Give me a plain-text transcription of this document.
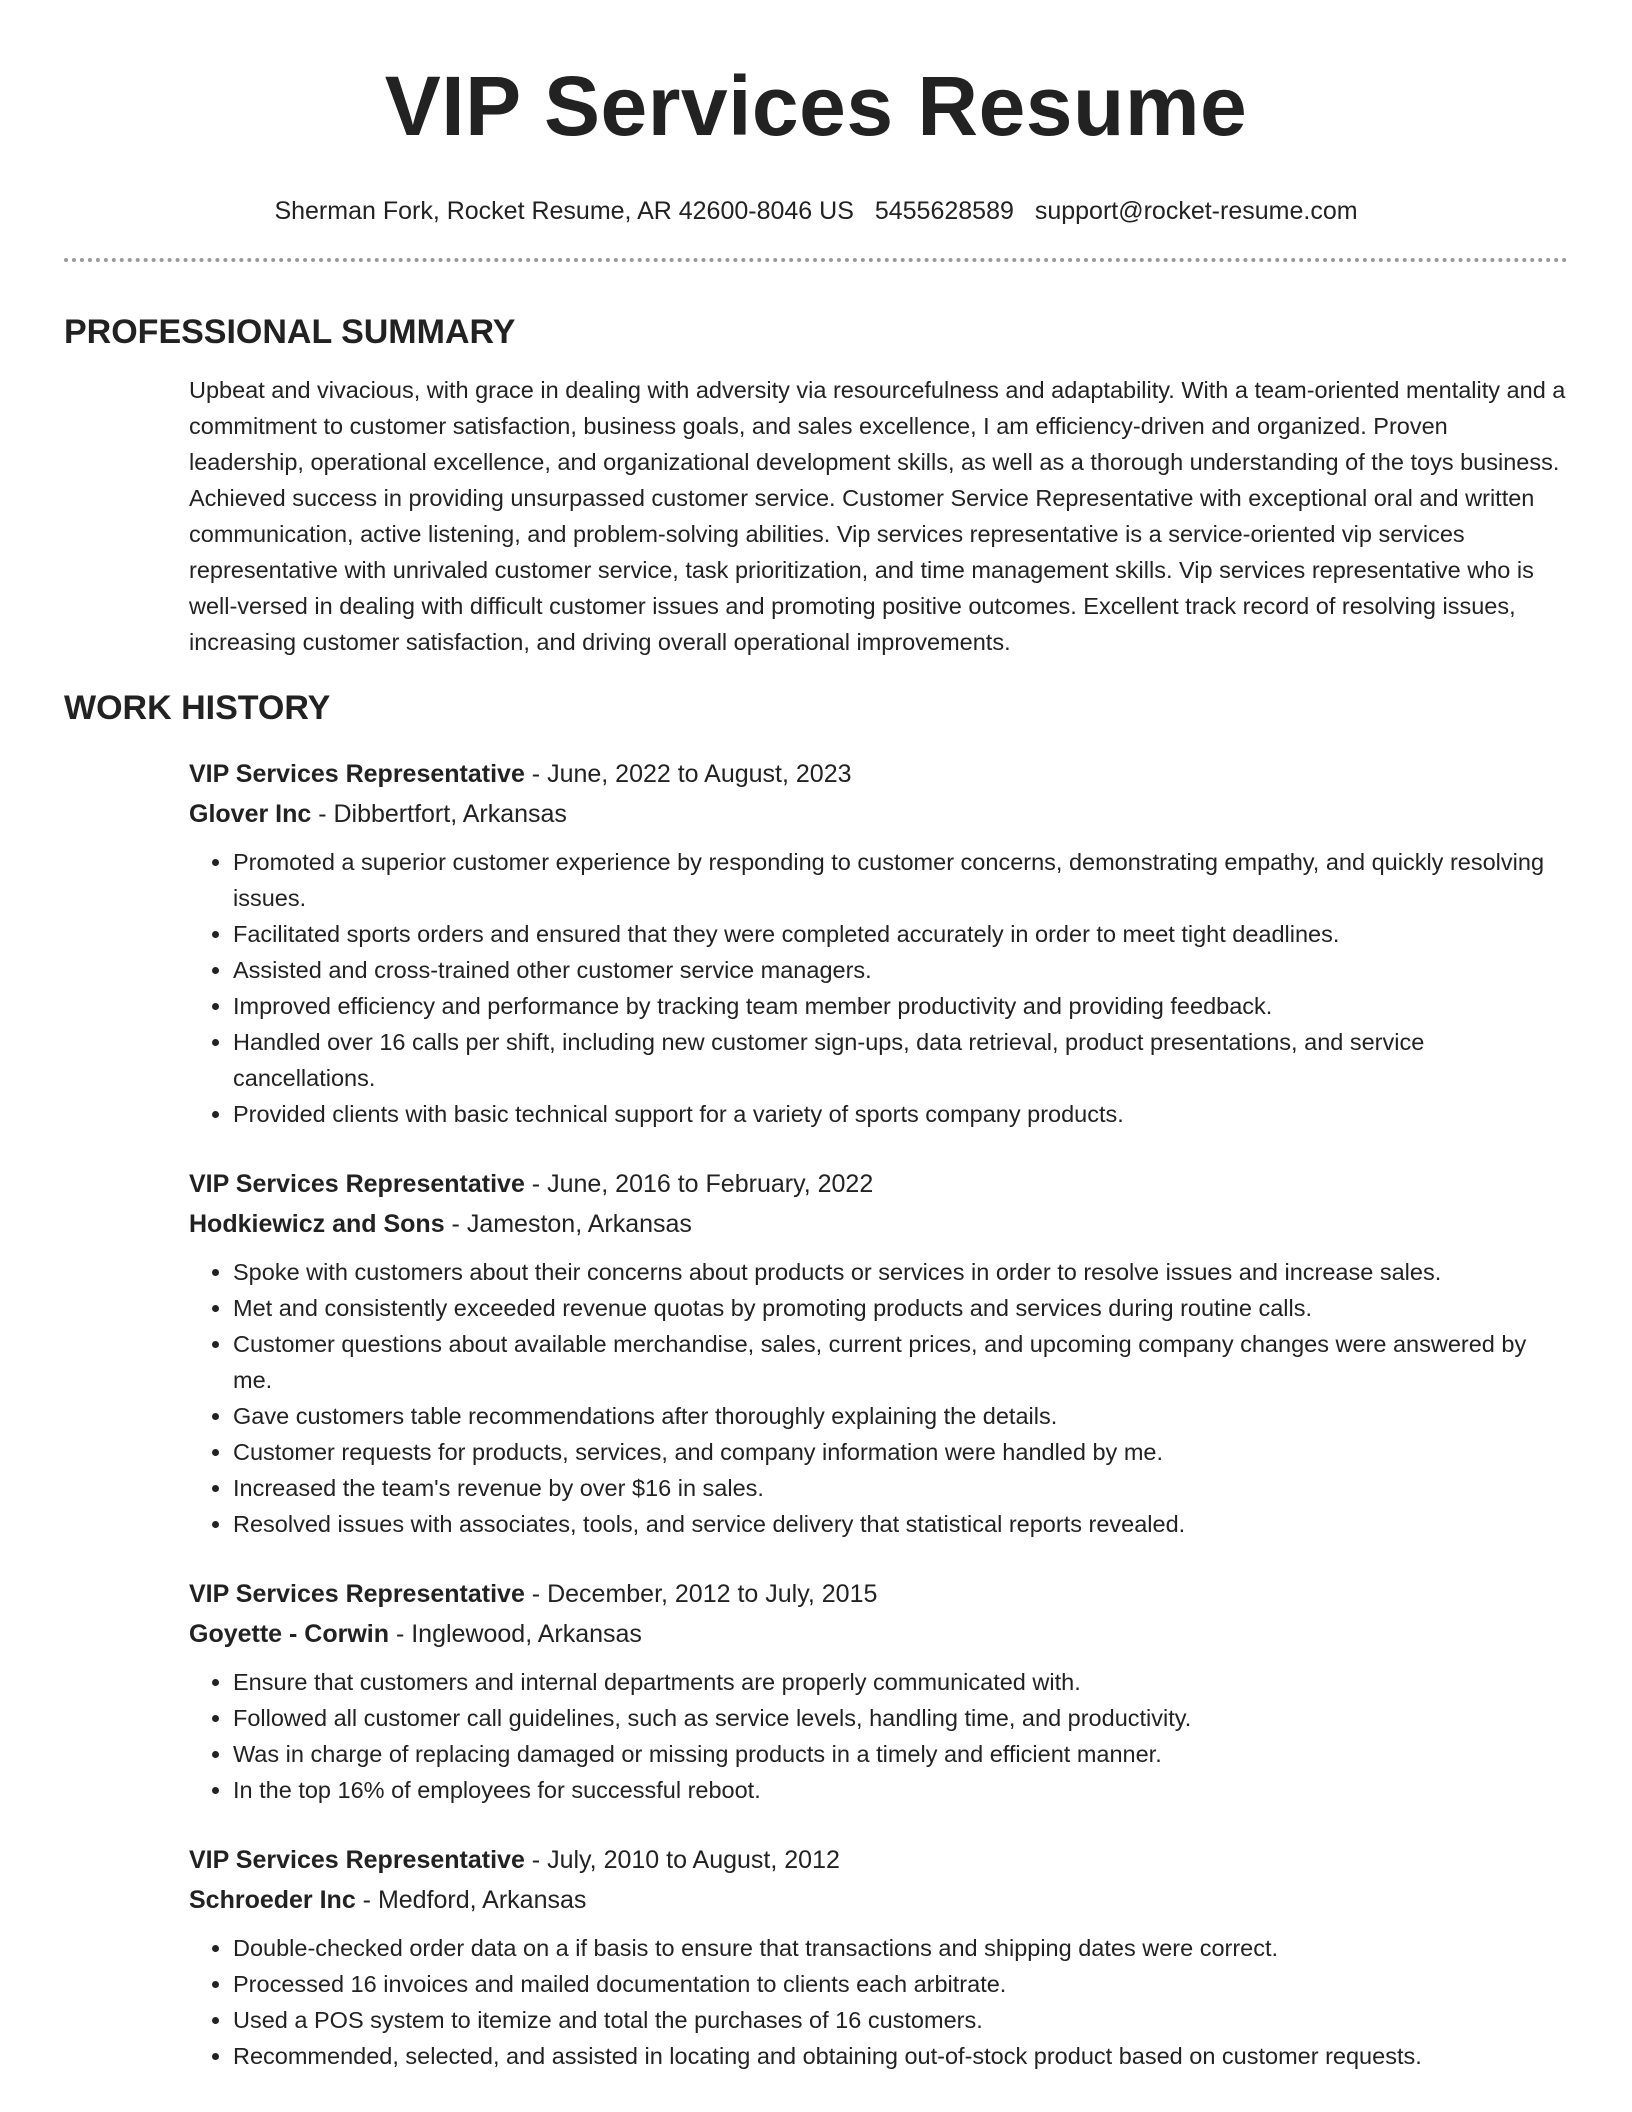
VIP Services Resume
Sherman Fork, Rocket Resume, AR 42600-8046 US 5455628589 support@rocket-resume.com
PROFESSIONAL SUMMARY

Upbeat and vivacious, with grace in dealing with adversity via resourcefulness and adaptability. With a team-oriented mentality and a commitment to customer satisfaction, business goals, and sales excellence, I am efficiency-driven and organized. Proven leadership, operational excellence, and organizational development skills, as well as a thorough understanding of the toys business. Achieved success in providing unsurpassed customer service. Customer Service Representative with exceptional oral and written communication, active listening, and problem-solving abilities. Vip services representative is a service-oriented vip services representative with unrivaled customer service, task prioritization, and time management skills. Vip services representative who is well-versed in dealing with difficult customer issues and promoting positive outcomes. Excellent track record of resolving issues, increasing customer satisfaction, and driving overall operational improvements.

WORK HISTORY
VIP Services Representative - June, 2022 to August, 2023
Glover Inc - Dibbertfort, Arkansas
• Promoted a superior customer experience by responding to customer concerns, demonstrating empathy, and quickly resolving issues.
• Facilitated sports orders and ensured that they were completed accurately in order to meet tight deadlines.
• Assisted and cross-trained other customer service managers.
• Improved efficiency and performance by tracking team member productivity and providing feedback.
• Handled over 16 calls per shift, including new customer sign-ups, data retrieval, product presentations, and service cancellations.
• Provided clients with basic technical support for a variety of sports company products.
VIP Services Representative - June, 2016 to February, 2022
Hodkiewicz and Sons - Jameston, Arkansas
• Spoke with customers about their concerns about products or services in order to resolve issues and increase sales.
• Met and consistently exceeded revenue quotas by promoting products and services during routine calls.
• Customer questions about available merchandise, sales, current prices, and upcoming company changes were answered by me.
• Gave customers table recommendations after thoroughly explaining the details.
• Customer requests for products, services, and company information were handled by me.
• Increased the team's revenue by over $16 in sales.
• Resolved issues with associates, tools, and service delivery that statistical reports revealed.
VIP Services Representative - December, 2012 to July, 2015
Goyette - Corwin - Inglewood, Arkansas
• Ensure that customers and internal departments are properly communicated with.
• Followed all customer call guidelines, such as service levels, handling time, and productivity.
• Was in charge of replacing damaged or missing products in a timely and efficient manner.
• In the top 16% of employees for successful reboot.
VIP Services Representative - July, 2010 to August, 2012
Schroeder Inc - Medford, Arkansas
• Double-checked order data on a if basis to ensure that transactions and shipping dates were correct.
• Processed 16 invoices and mailed documentation to clients each arbitrate.
• Used a POS system to itemize and total the purchases of 16 customers.
• Recommended, selected, and assisted in locating and obtaining out-of-stock product based on customer requests.
